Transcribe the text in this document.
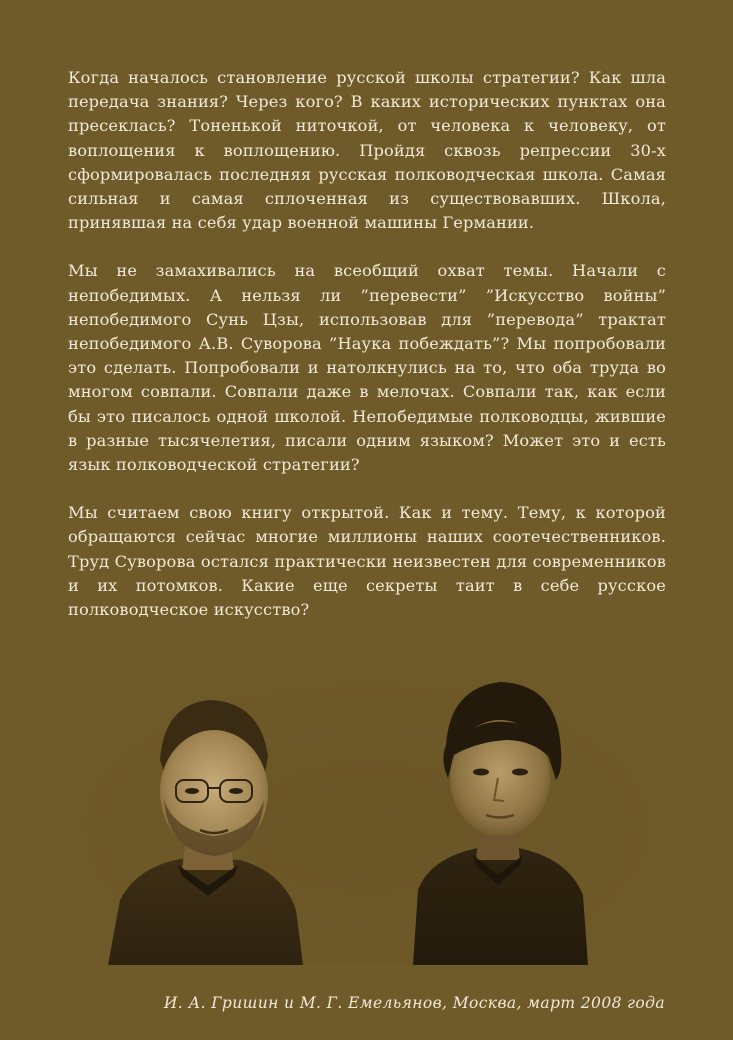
Когда началось становление русской школы стратегии? Как шла передача знания? Через кого? В каких исторических пунктах она пресеклась? Тоненькой ниточкой, от человека к человеку, от воплощения к воплощению. Пройдя сквозь репрессии 30-х сформировалась последняя русская полководческая школа. Самая сильная и самая сплоченная из существовавших. Школа, принявшая на себя удар военной машины Германии.

Мы не замахивались на всеобщий охват темы. Начали с непобедимых. А нельзя ли ”перевести” ”Искусство войны” непобедимого Сунь Цзы, использовав для ”перевода” трактат непобедимого А.В. Суворова ”Наука побеждать”? Мы попробовали это сделать. Попробовали и натолкнулись на то, что оба труда во многом совпали. Совпали даже в мелочах. Совпали так, как если бы это писалось одной школой. Непобедимые полководцы, жившие в разные тысячелетия, писали одним языком? Может это и есть язык полководческой стратегии?

Мы считаем свою книгу открытой. Как и тему. Тему, к которой обращаются сейчас многие миллионы наших соотечественников. Труд Суворова остался практически неизвестен для современников и их потомков. Какие еще секреты таит в себе русское полководческое искусство?

И. А. Гришин и М. Г. Емельянов, Москва, март 2008 года
